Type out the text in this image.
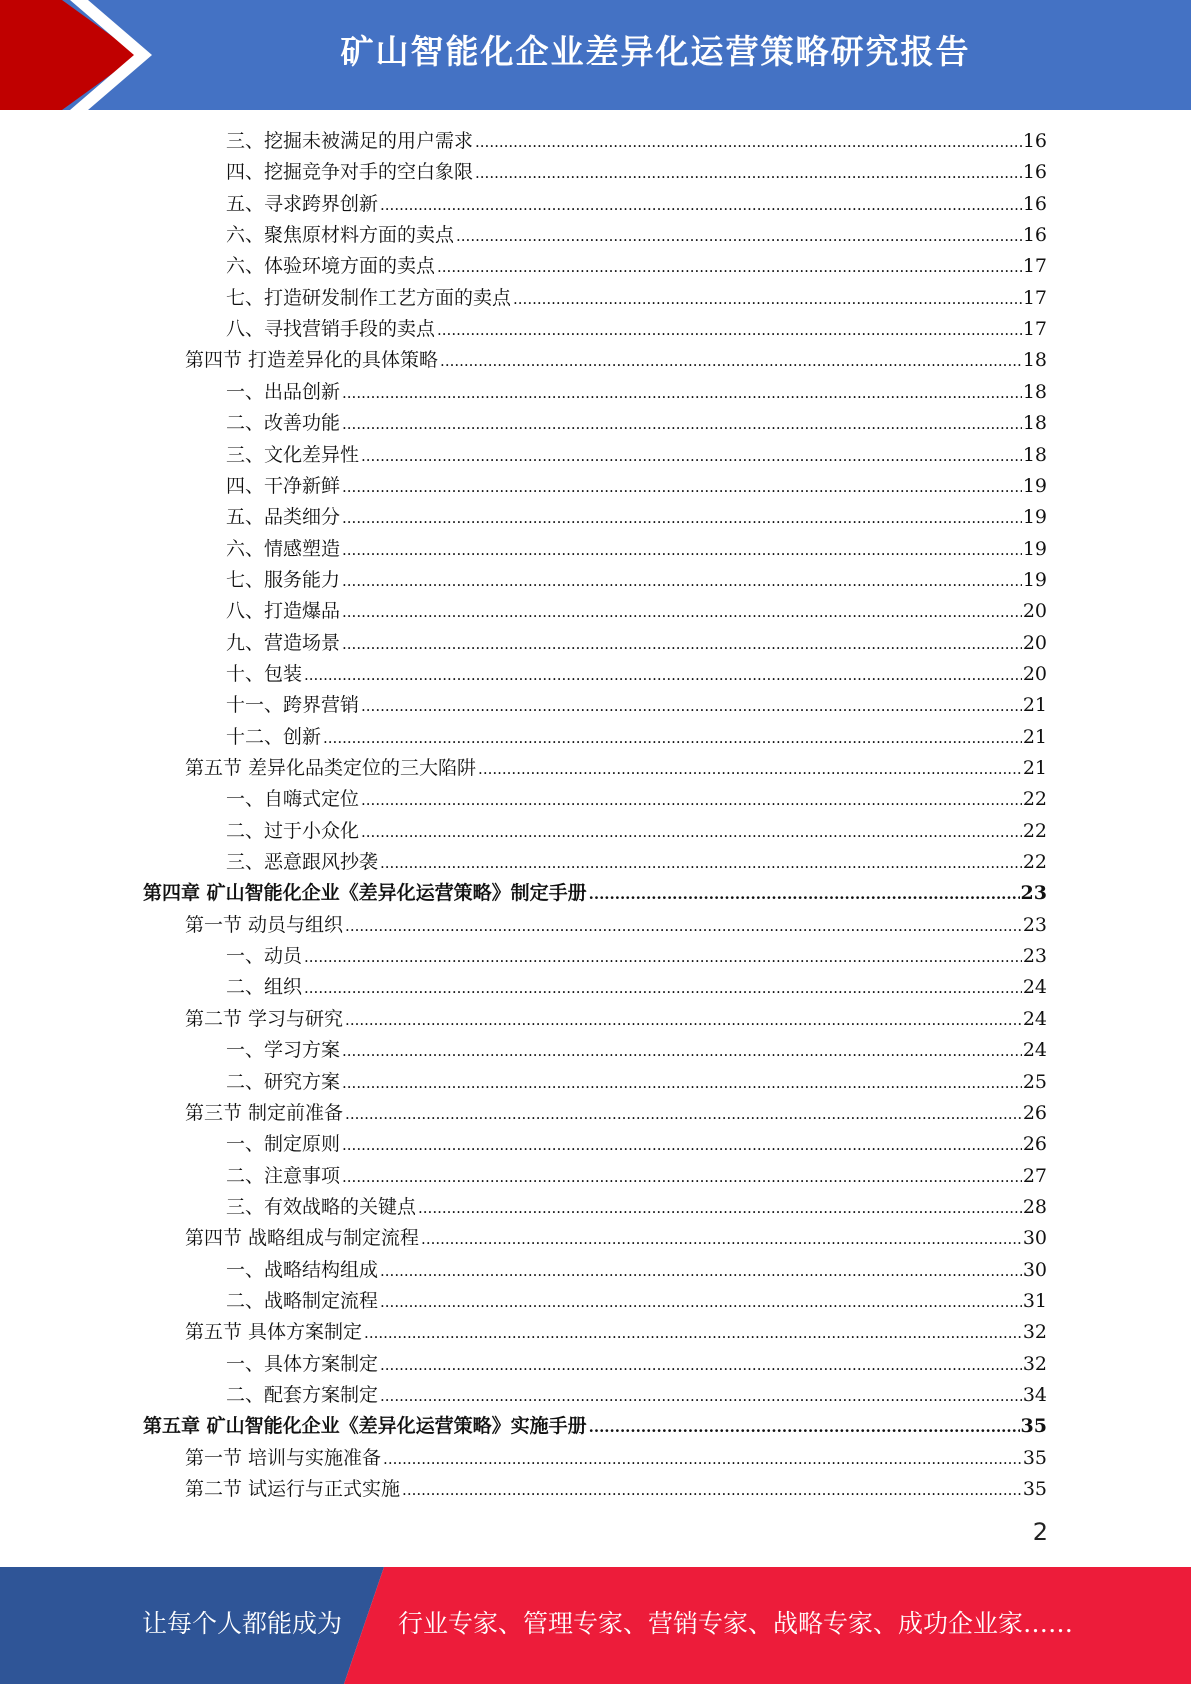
矿山智能化企业差异化运营策略研究报告
三、挖掘未被满足的用户需求 .....	16
四、挖掘竞争对手的空白象限 .....	16
五、寻求跨界创新 .....	16
六、聚焦原材料方面的卖点 .....	16
六、体验环境方面的卖点 .....	17
七、打造研发制作工艺方面的卖点 .....	17
八、寻找营销手段的卖点 .....	17
第四节 打造差异化的具体策略 .....	18
一、出品创新 .....	18
二、改善功能 .....	18
三、文化差异性 .....	18
四、干净新鲜 .....	19
五、品类细分 .....	19
六、情感塑造 .....	19
七、服务能力 .....	19
八、打造爆品 .....	20
九、营造场景 .....	20
十、包装 .....	20
十一、跨界营销 .....	21
十二、创新 .....	21
第五节 差异化品类定位的三大陷阱 .....	21
一、自嗨式定位 .....	22
二、过于小众化 .....	22
三、恶意跟风抄袭 .....	22
第四章 矿山智能化企业《差异化运营策略》制定手册 .....	23
第一节 动员与组织 .....	23
一、动员 .....	23
二、组织 .....	24
第二节 学习与研究 .....	24
一、学习方案 .....	24
二、研究方案 .....	25
第三节 制定前准备 .....	26
一、制定原则 .....	26
二、注意事项 .....	27
三、有效战略的关键点 .....	28
第四节 战略组成与制定流程 .....	30
一、战略结构组成 .....	30
二、战略制定流程 .....	31
第五节 具体方案制定 .....	32
一、具体方案制定 .....	32
二、配套方案制定 .....	34
第五章 矿山智能化企业《差异化运营策略》实施手册 .....	35
第一节 培训与实施准备 .....	35
第二节 试运行与正式实施 .....	35
2
让每个人都能成为 行业专家、管理专家、营销专家、战略专家、成功企业家……
